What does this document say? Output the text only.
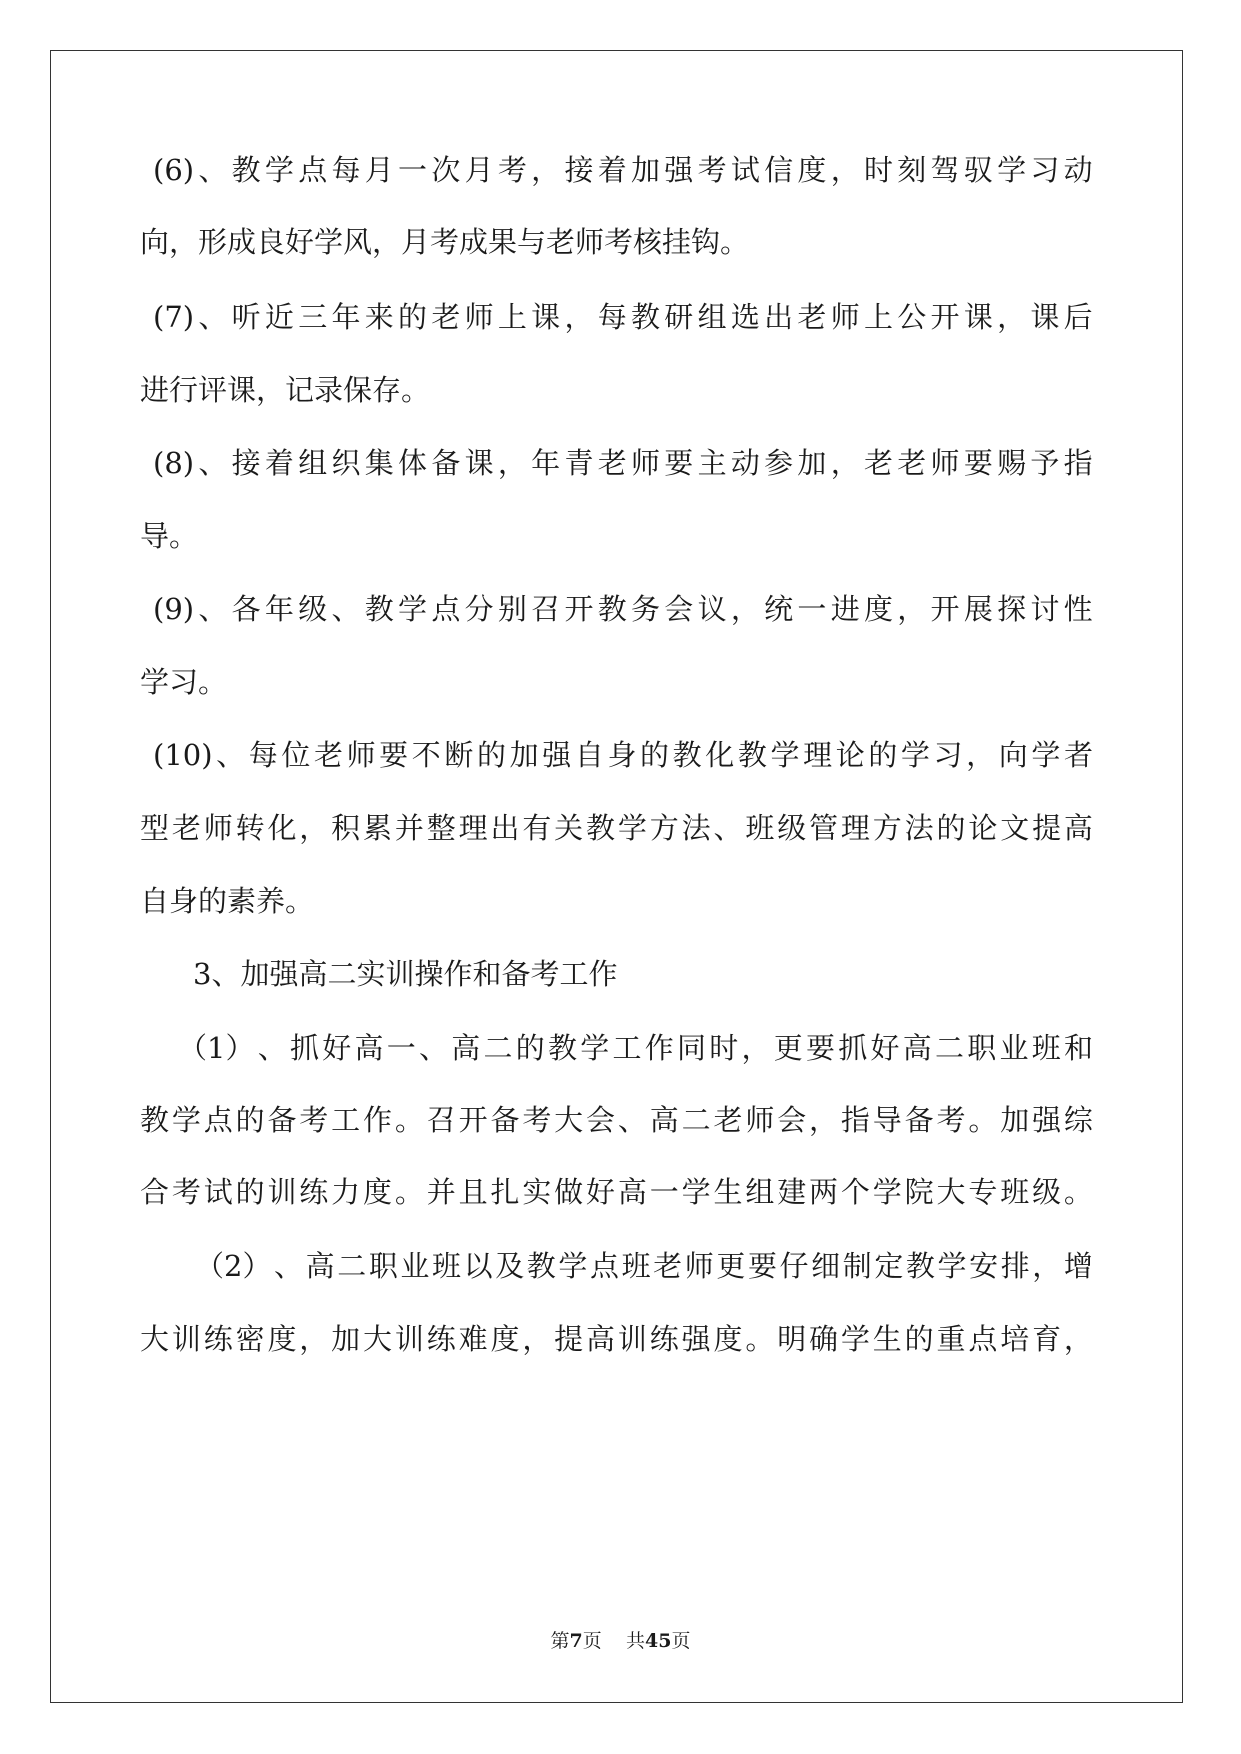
(6) 、 教 学 点 每 月 一 次 月 考 ， 接 着 加 强 考 试 信 度 ， 时 刻 驾 驭 学 习 动
向，形成良好学风，月考成果与老师考核挂钩。
(7) 、 听 近 三 年 来 的 老 师 上 课 ， 每 教 研 组 选 出 老 师 上 公 开 课 ， 课 后
进行评课，记录保存。
(8) 、 接 着 组 织 集 体 备 课 ， 年 青 老 师 要 主 动 参 加 ， 老 老 师 要 赐 予 指
导。
(9) 、 各 年 级 、 教 学 点 分 别 召 开 教 务 会 议 ， 统 一 进 度 ， 开 展 探 讨 性
学习。
(10) 、 每 位 老 师 要 不 断 的 加 强 自 身 的 教 化 教 学 理 论 的 学 习 ， 向 学 者
型 老 师 转 化 ， 积 累 并 整 理 出 有 关 教 学 方 法 、 班 级 管 理 方 法 的 论 文 提 高
自身的素养。
3、加强高二实训操作和备考工作
（1） 、 抓 好 高 一 、 高 二 的 教 学 工 作 同 时 ， 更 要 抓 好 高 二 职 业 班 和
教 学 点 的 备 考 工 作 。 召 开 备 考 大 会 、 高 二 老 师 会 ， 指 导 备 考 。 加 强 综
合 考 试 的 训 练 力 度 。 并 且 扎 实 做 好 高 一 学 生 组 建 两 个 学 院 大 专 班 级 。
（2） 、 高 二 职 业 班 以 及 教 学 点 班 老 师 更 要 仔 细 制 定 教 学 安 排 ， 增
大 训 练 密 度 ， 加 大 训 练 难 度 ， 提 高 训 练 强 度 。 明 确 学 生 的 重 点 培 育 ，
第7页 共45页
